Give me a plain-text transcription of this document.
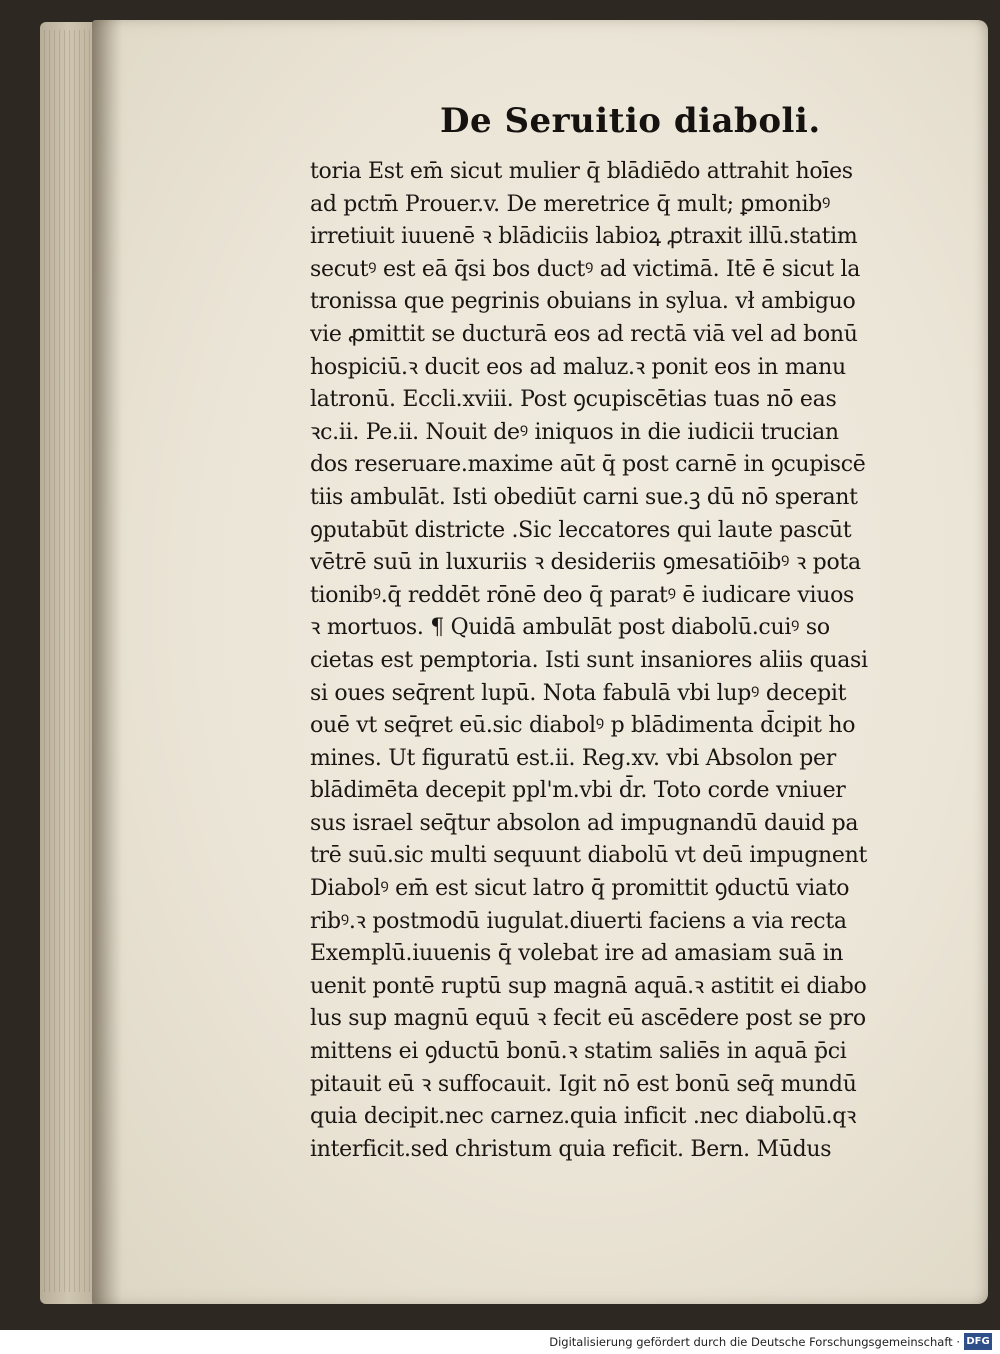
De Seruitio diaboli.
toria Est em̄ sicut mulier q̄ blādiēdo attrahit hoīes
ad pctm̄ Prouer.v. De meretrice q̄ mult; ꝑmonibꝰ
irretiuit iuuenē ꝛ blādiciis labioꝝ ꝓtraxit illū.statim
secutꝰ est eā q̄si bos ductꝰ ad victimā. Itē ē sicut la
tronissa que pegrinis obuians in sylua. vł ambiguo
vie ꝓmittit se ducturā eos ad rectā viā vel ad bonū
hospiciū.ꝛ ducit eos ad maluz.ꝛ ponit eos in manu
latronū. Eccli.xviii. Post ꝯcupiscētias tuas nō eas
ꝛc.ii. Pe.ii. Nouit deꝰ iniquos in die iudicii trucian
dos reseruare.maxime aūt q̄ post carnē in ꝯcupiscē
tiis ambulāt. Isti obediūt carni sue.ꝫ dū nō sperant
ꝯputabūt districte .Sic leccatores qui laute pascūt
vētrē suū in luxuriis ꝛ desideriis ꝯmesatiōibꝰ ꝛ pota
tionibꝰ.q̄ reddēt rōnē deo q̄ paratꝰ ē iudicare viuos
ꝛ mortuos. ¶ Quidā ambulāt post diabolū.cuiꝰ so
cietas est pemptoria. Isti sunt insaniores aliis quasi
si oues seq̄rent lupū. Nota fabulā vbi lupꝰ decepit
ouē vt seq̄ret eū.sic diabolꝰ p blādimenta d̄cipit ho
mines. Ut figuratū est.ii. Reg.xv. vbi Absolon per
blādimēta decepit ppl'm.vbi d̄r. Toto corde vniuer
sus israel seq̄tur absolon ad impugnandū dauid pa
trē suū.sic multi sequunt diabolū vt deū impugnent
Diabolꝰ em̄ est sicut latro q̄ promittit ꝯductū viato
ribꝰ.ꝛ postmodū iugulat.diuerti faciens a via recta
Exemplū.iuuenis q̄ volebat ire ad amasiam suā in
uenit pontē ruptū sup magnā aquā.ꝛ astitit ei diabo
lus sup magnū equū ꝛ fecit eū ascēdere post se pro
mittens ei ꝯductū bonū.ꝛ statim saliēs in aquā p̄ci
pitauit eū ꝛ suffocauit. Igit nō est bonū seq̄ mundū
quia decipit.nec carnez.quia inficit .nec diabolū.qꝛ
interficit.sed christum quia reficit. Bern. Mūdus
Digitalisierung gefördert durch die Deutsche Forschungsgemeinschaft · DFG
